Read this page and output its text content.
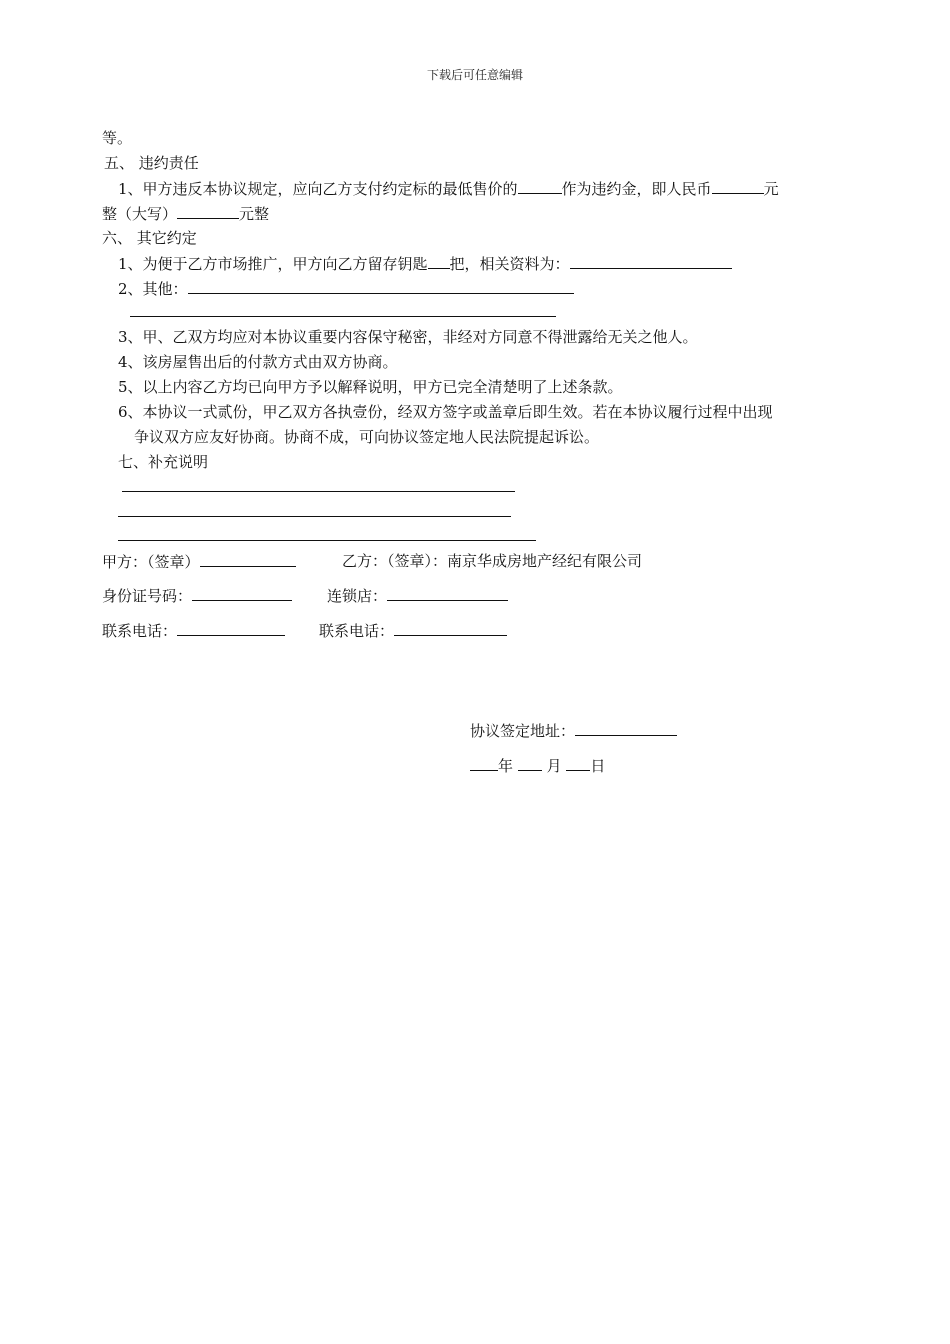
下载后可任意编辑
等。
五、 违约责任
1、甲方违反本协议规定，应向乙方支付约定标的最低售价的	作为违约金，即人民币	元
整（大写）	元整
六、 其它约定
1、为便于乙方市场推广，甲方向乙方留存钥匙 把，相关资料为：
2、其他：
3、甲、乙双方均应对本协议重要内容保守秘密，非经对方同意不得泄露给无关之他人。
4、该房屋售出后的付款方式由双方协商。
5、以上内容乙方均已向甲方予以解释说明，甲方已完全清楚明了上述条款。
6、本协议一式贰份，甲乙双方各执壹份，经双方签字或盖章后即生效。若在本协议履行过程中出现
争议双方应友好协商。协商不成，可向协议签定地人民法院提起诉讼。
七、补充说明
甲方：（签章）	乙方：（签章）：南京华成房地产经纪有限公司
身份证号码：	连锁店：
联系电话：	联系电话：
协议签定地址：
年 月 日
